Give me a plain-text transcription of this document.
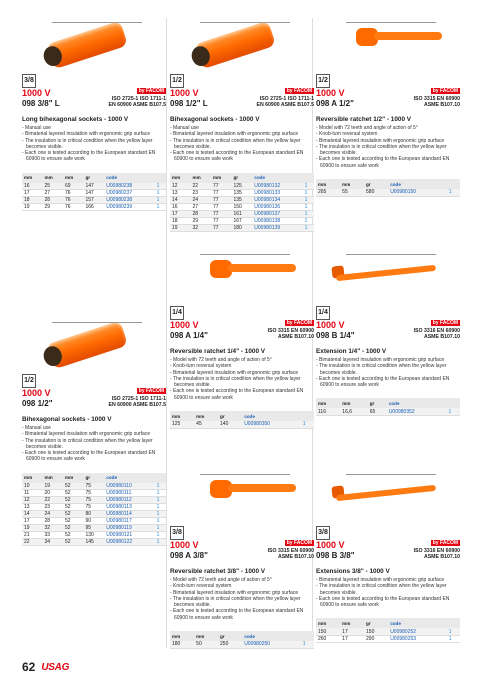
3/8
1000 V
098 3/8" L
by FACOM
ISO 2725-1 ISO 1711-1
EN 60900 ASME B107.5
Long bihexagonal sockets - 1000 V
- Manual use
- Bimaterial layered insulation with ergonomic grip surface
- The insulation is in critical condition when the yellow layer becomes visible.
- Each one is tested according to the European standard EN 60900 to ensure safe work
mm	mm	mm	gr	code	
16	25	69	147	U00980238	1
17	27	76	147	U00980237	1
18	28	76	157	U00980238	1
19	29	76	166	U00980239	1
1/2
1000 V
098 1/2"
by FACOM
ISO 2725-1 ISO 1711-1
EN 60900 ASME B107.5
Bihexagonal sockets - 1000 V
- Manual use
- Bimaterial layered insulation with ergonomic grip surface
- The insulation is in critical condition when the yellow layer becomes visible.
- Each one is tested according to the European standard EN 60900 to ensure safe work
mm	mm	mm	gr	code	
10	19	52	75	U00980110	1
11	20	52	75	U00980111	1
12	22	52	75	U00980112	1
13	23	52	75	U00980113	1
14	24	52	80	U00980114	1
17	28	52	90	U00980117	1
19	32	52	95	U00980119	1
21	33	52	130	U00980121	1
22	34	52	145	U00980122	1
1/2
1000 V
098 1/2" L
by FACOM
ISO 2725-1 ISO 1711-1
EN 60900 ASME B107.5
Bihexagonal sockets - 1000 V
- Manual use
- Bimaterial layered insulation with ergonomic grip surface
- The insulation is in critical condition when the yellow layer becomes visible.
- Each one is tested according to the European standard EN 60900 to ensure safe work
mm	mm	mm	gr	code	
12	22	77	125	U00980132	1
13	23	77	135	U00980133	1
14	24	77	135	U00980134	1
16	27	77	150	U00980136	1
17	28	77	161	U00980137	1
18	29	77	167	U00980138	1
19	32	77	180	U00980139	1
1/4
1000 V
098 A 1/4"
by FACOM
ISO 3315 EN 60900
ASME B107.10
Reversible ratchet 1/4" - 1000 V
- Model with 72 teeth and angle of action of 5°
- Knob-turn reversal system
- Bimaterial layered insulation with ergonomic grip surface
- The insulation is in critical condition when the yellow layer becomes visible.
- Each one is tested according to the European standard EN 60900 to ensure safe work
mm	mm	gr	code	
125	45	140	U00980350	1
3/8
1000 V
098 A 3/8"
by FACOM
ISO 3315 EN 60900
ASME B107.10
Reversible ratchet 3/8" - 1000 V
- Model with 72 teeth and angle of action of 5°
- Knob-turn reversal system
- Bimaterial layered insulation with ergonomic grip surface
- The insulation is in critical condition when the yellow layer becomes visible.
- Each one is tested according to the European standard EN 60900 to ensure safe work
mm	mm	gr	code	
180	50	250	U00980250	1
1/2
1000 V
098 A 1/2"
by FACOM
ISO 3315 EN 60900
ASME B107.10
Reversible ratchet 1/2" - 1000 V
- Model with 72 teeth and angle of action of 5°
- Knob-turn reversal system
- Bimaterial layered insulation with ergonomic grip surface
- The insulation is in critical condition when the yellow layer becomes visible.
- Each one is tested according to the European standard EN 60900 to ensure safe work
mm	mm	gr	code	
265	55	580	U00980150	1
1/4
1000 V
098 B 1/4"
by FACOM
ISO 3316 EN 60900
ASME B107.10
Extension 1/4" - 1000 V
- Bimaterial layered insulation with ergonomic grip surface
- The insulation is in critical condition when the yellow layer becomes visible.
- Each one is tested according to the European standard EN 60900 to ensure safe work
mm	mm	gr	code	
116	16,6	65	U00980352	1
3/8
1000 V
098 B 3/8"
by FACOM
ISO 3316 EN 60900
ASME B107.10
Extensions 3/8" - 1000 V
- Bimaterial layered insulation with ergonomic grip surface
- The insulation is in critical condition when the yellow layer becomes visible.
- Each one is tested according to the European standard EN 60900 to ensure safe work
mm	mm	gr	code	
150	17	150	U00980252	1
260	17	290	U00980253	1
62 USAG
